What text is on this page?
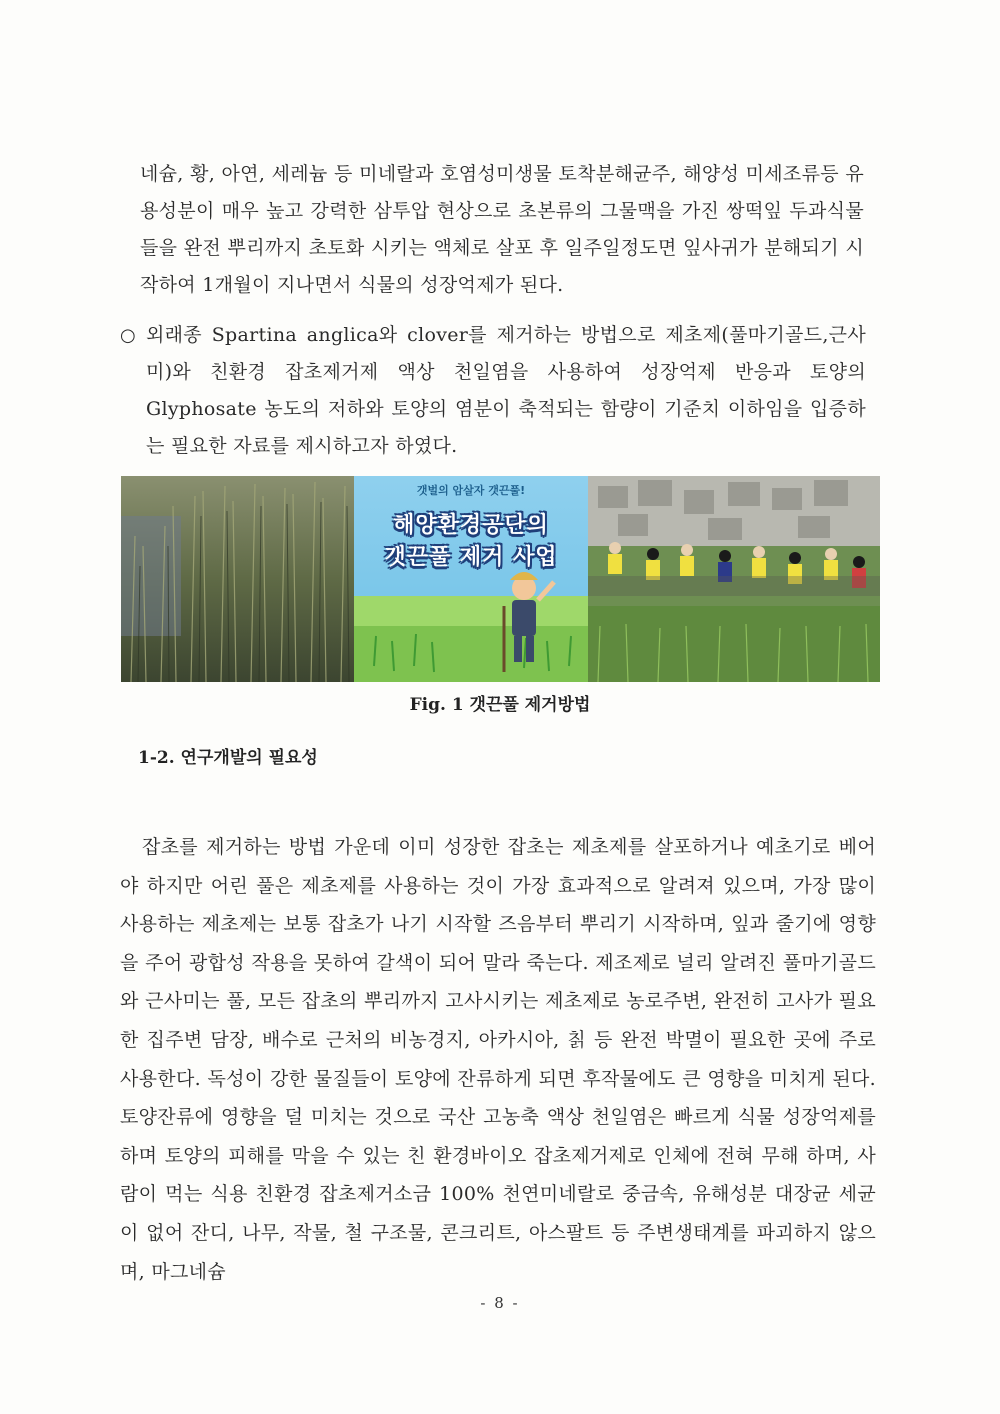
네슘, 황, 아연, 세레늄 등 미네랄과 호염성미생물 토착분해균주, 해양성 미세조류등 유용성분이 매우 높고 강력한 삼투압 현상으로 초본류의 그물맥을 가진 쌍떡잎 두과식물들을 완전 뿌리까지 초토화 시키는 액체로 살포 후 일주일정도면 잎사귀가 분해되기 시작하여 1개월이 지나면서 식물의 성장억제가 된다.
○ 외래종 Spartina anglica와 clover를 제거하는 방법으로 제초제(풀마기골드,근사미)와 친환경 잡초제거제 액상 천일염을 사용하여 성장억제 반응과 토양의 Glyphosate 농도의 저하와 토양의 염분이 축적되는 함량이 기준치 이하임을 입증하는 필요한 자료를 제시하고자 하였다.
갯벌의 암살자 갯끈풀!
해양환경공단의
갯끈풀 제거 사업
Fig. 1 갯끈풀 제거방법
1-2. 연구개발의 필요성
잡초를 제거하는 방법 가운데 이미 성장한 잡초는 제초제를 살포하거나 예초기로 베어야 하지만 어린 풀은 제초제를 사용하는 것이 가장 효과적으로 알려져 있으며, 가장 많이 사용하는 제초제는 보통 잡초가 나기 시작할 즈음부터 뿌리기 시작하며, 잎과 줄기에 영향을 주어 광합성 작용을 못하여 갈색이 되어 말라 죽는다. 제조제로 널리 알려진 풀마기골드와 근사미는 풀, 모든 잡초의 뿌리까지 고사시키는 제초제로 농로주변, 완전히 고사가 필요한 집주변 담장, 배수로 근처의 비농경지, 아카시아, 칡 등 완전 박멸이 필요한 곳에 주로 사용한다. 독성이 강한 물질들이 토양에 잔류하게 되면 후작물에도 큰 영향을 미치게 된다. 토양잔류에 영향을 덜 미치는 것으로 국산 고농축 액상 천일염은 빠르게 식물 성장억제를 하며 토양의 피해를 막을 수 있는 친 환경바이오 잡초제거제로 인체에 전혀 무해 하며, 사람이 먹는 식용 친환경 잡초제거소금 100% 천연미네랄로 중금속, 유해성분 대장균 세균이 없어 잔디, 나무, 작물, 철 구조물, 콘크리트, 아스팔트 등 주변생태계를 파괴하지 않으며, 마그네슘
- 8 -
